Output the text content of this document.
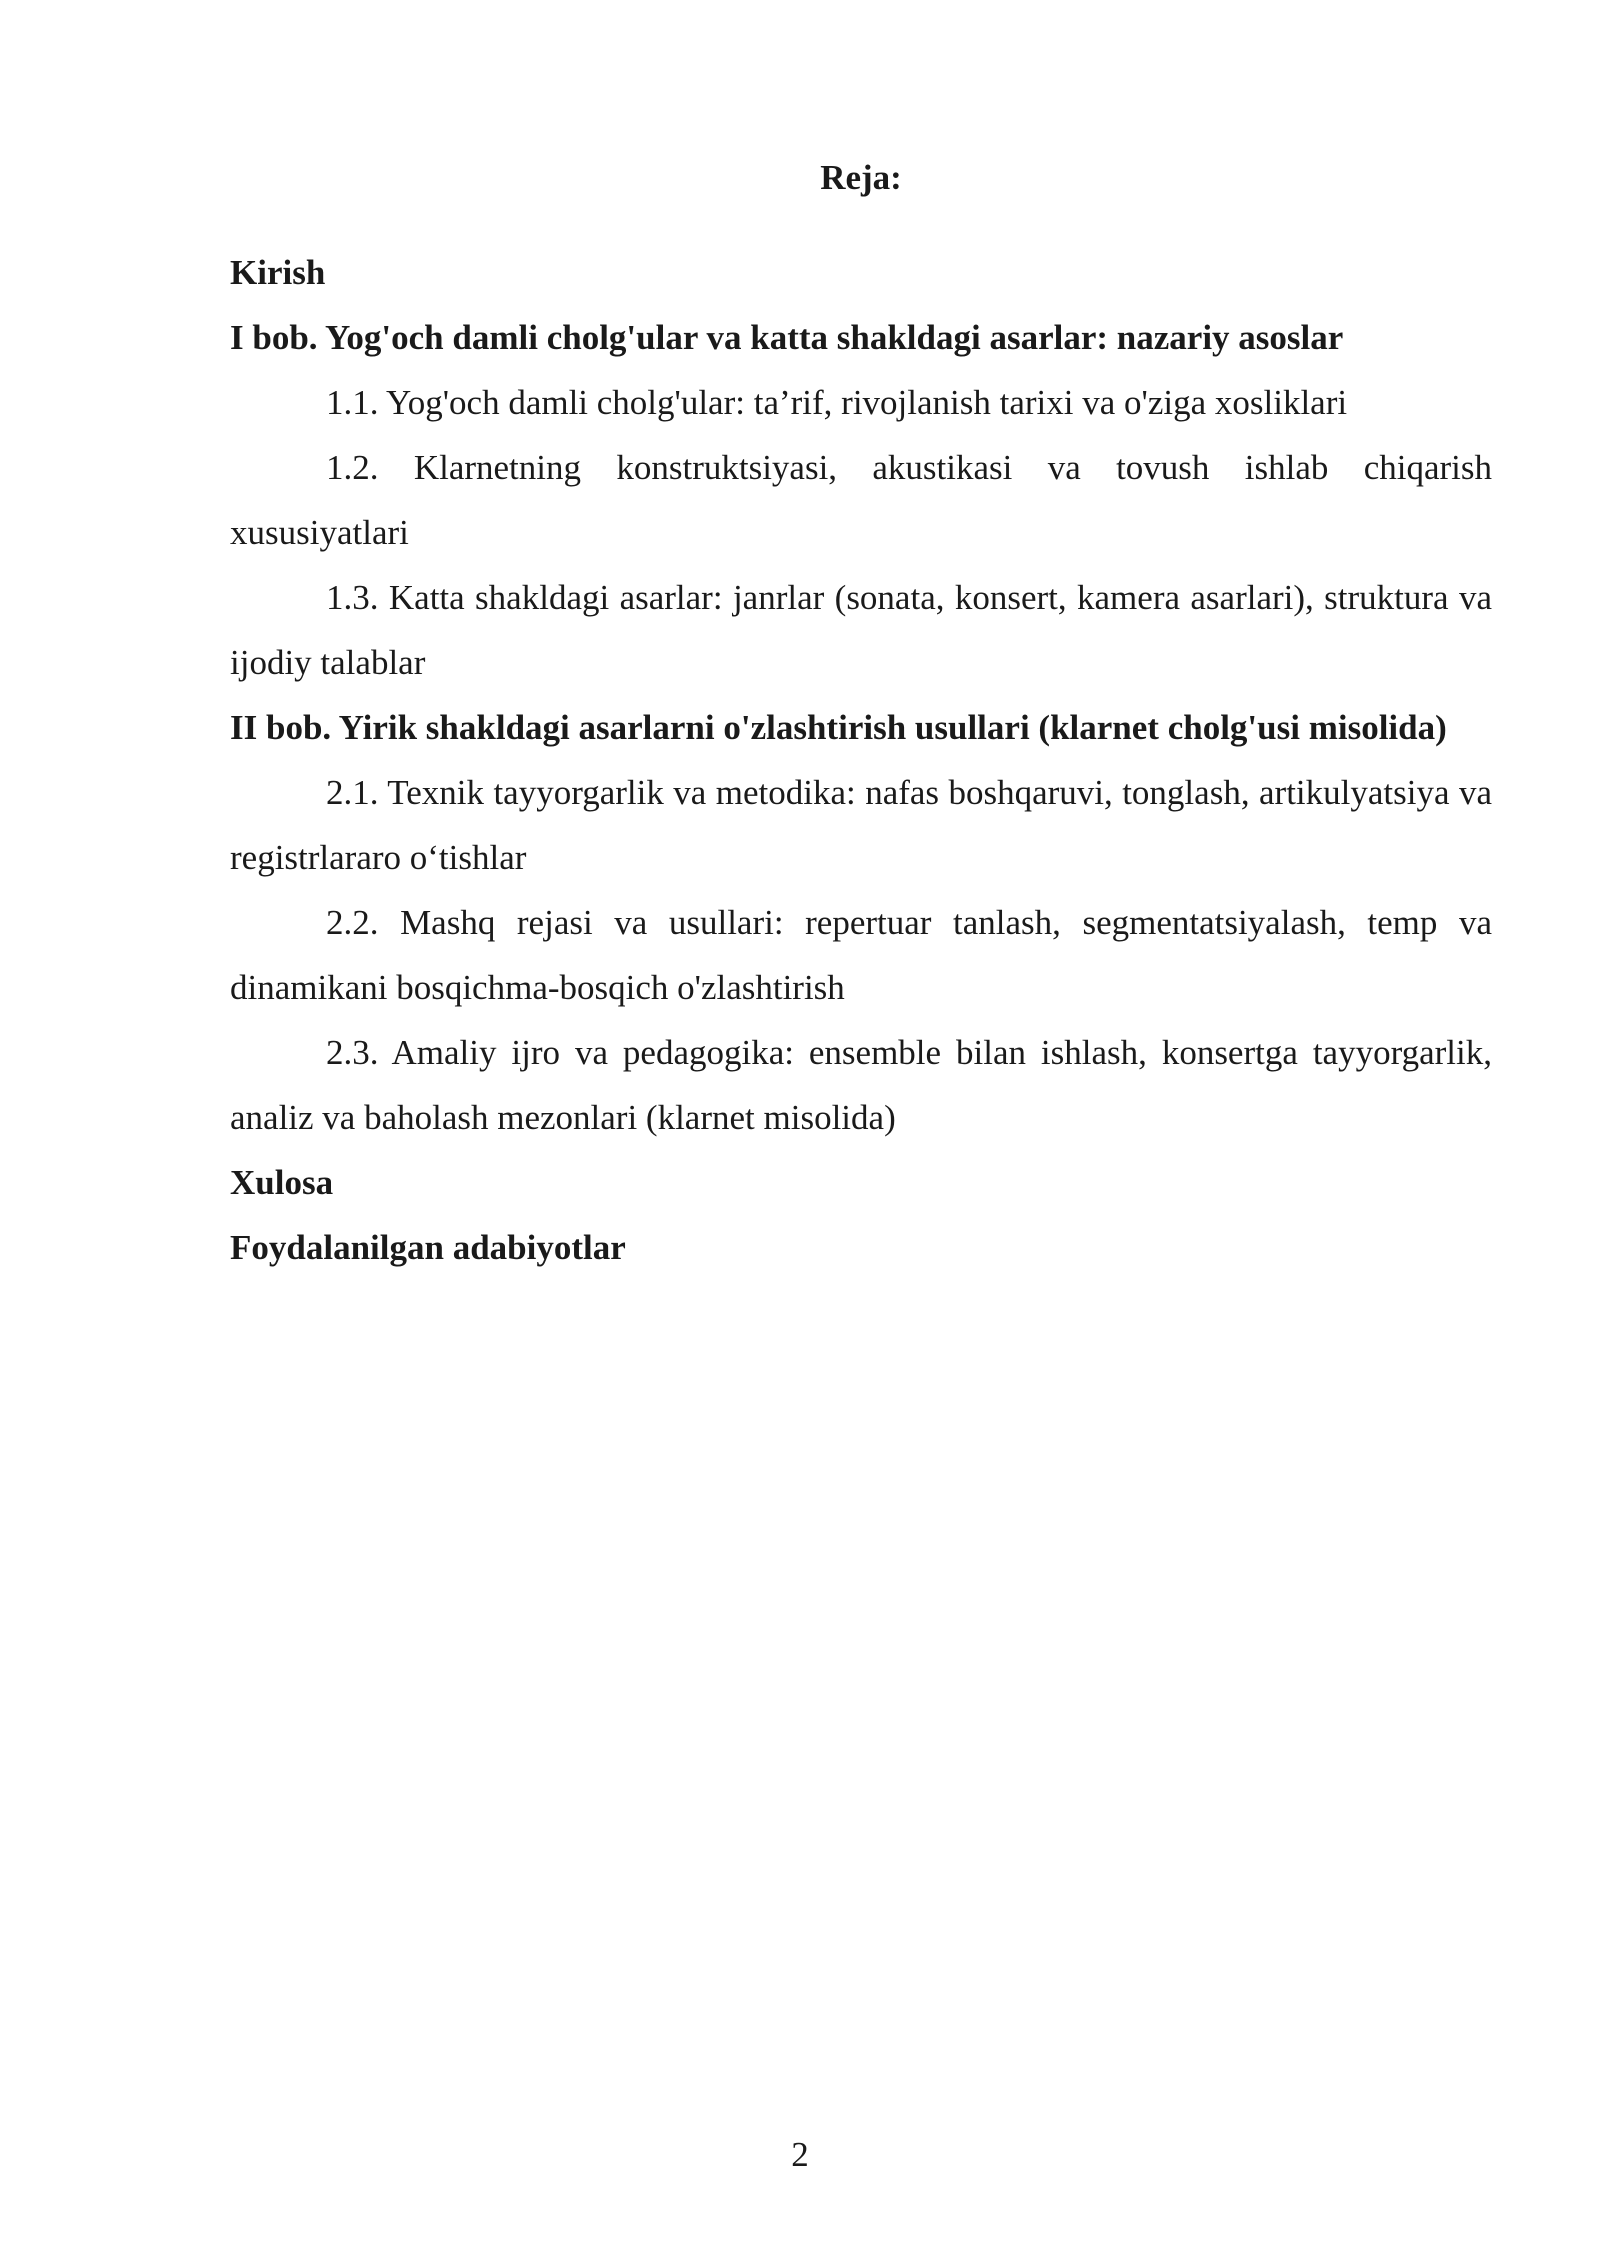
Reja:

Kirish

I bob. Yog'och damli cholg'ular va katta shakldagi asarlar: nazariy asoslar

1.1. Yog'och damli cholg'ular: ta’rif, rivojlanish tarixi va o'ziga xosliklari

1.2. Klarnetning konstruktsiyasi, akustikasi va tovush ishlab chiqarish xususiyatlari

1.3. Katta shakldagi asarlar: janrlar (sonata, konsert, kamera asarlari), struktura va ijodiy talablar

II bob. Yirik shakldagi asarlarni o'zlashtirish usullari (klarnet cholg'usi misolida)

2.1. Texnik tayyorgarlik va metodika: nafas boshqaruvi, tonglash, artikulyatsiya va registrlararo o‘tishlar

2.2. Mashq rejasi va usullari: repertuar tanlash, segmentatsiyalash, temp va dinamikani bosqichma-bosqich o'zlashtirish

2.3. Amaliy ijro va pedagogika: ensemble bilan ishlash, konsertga tayyorgarlik, analiz va baholash mezonlari (klarnet misolida)

Xulosa

Foydalanilgan adabiyotlar

2
